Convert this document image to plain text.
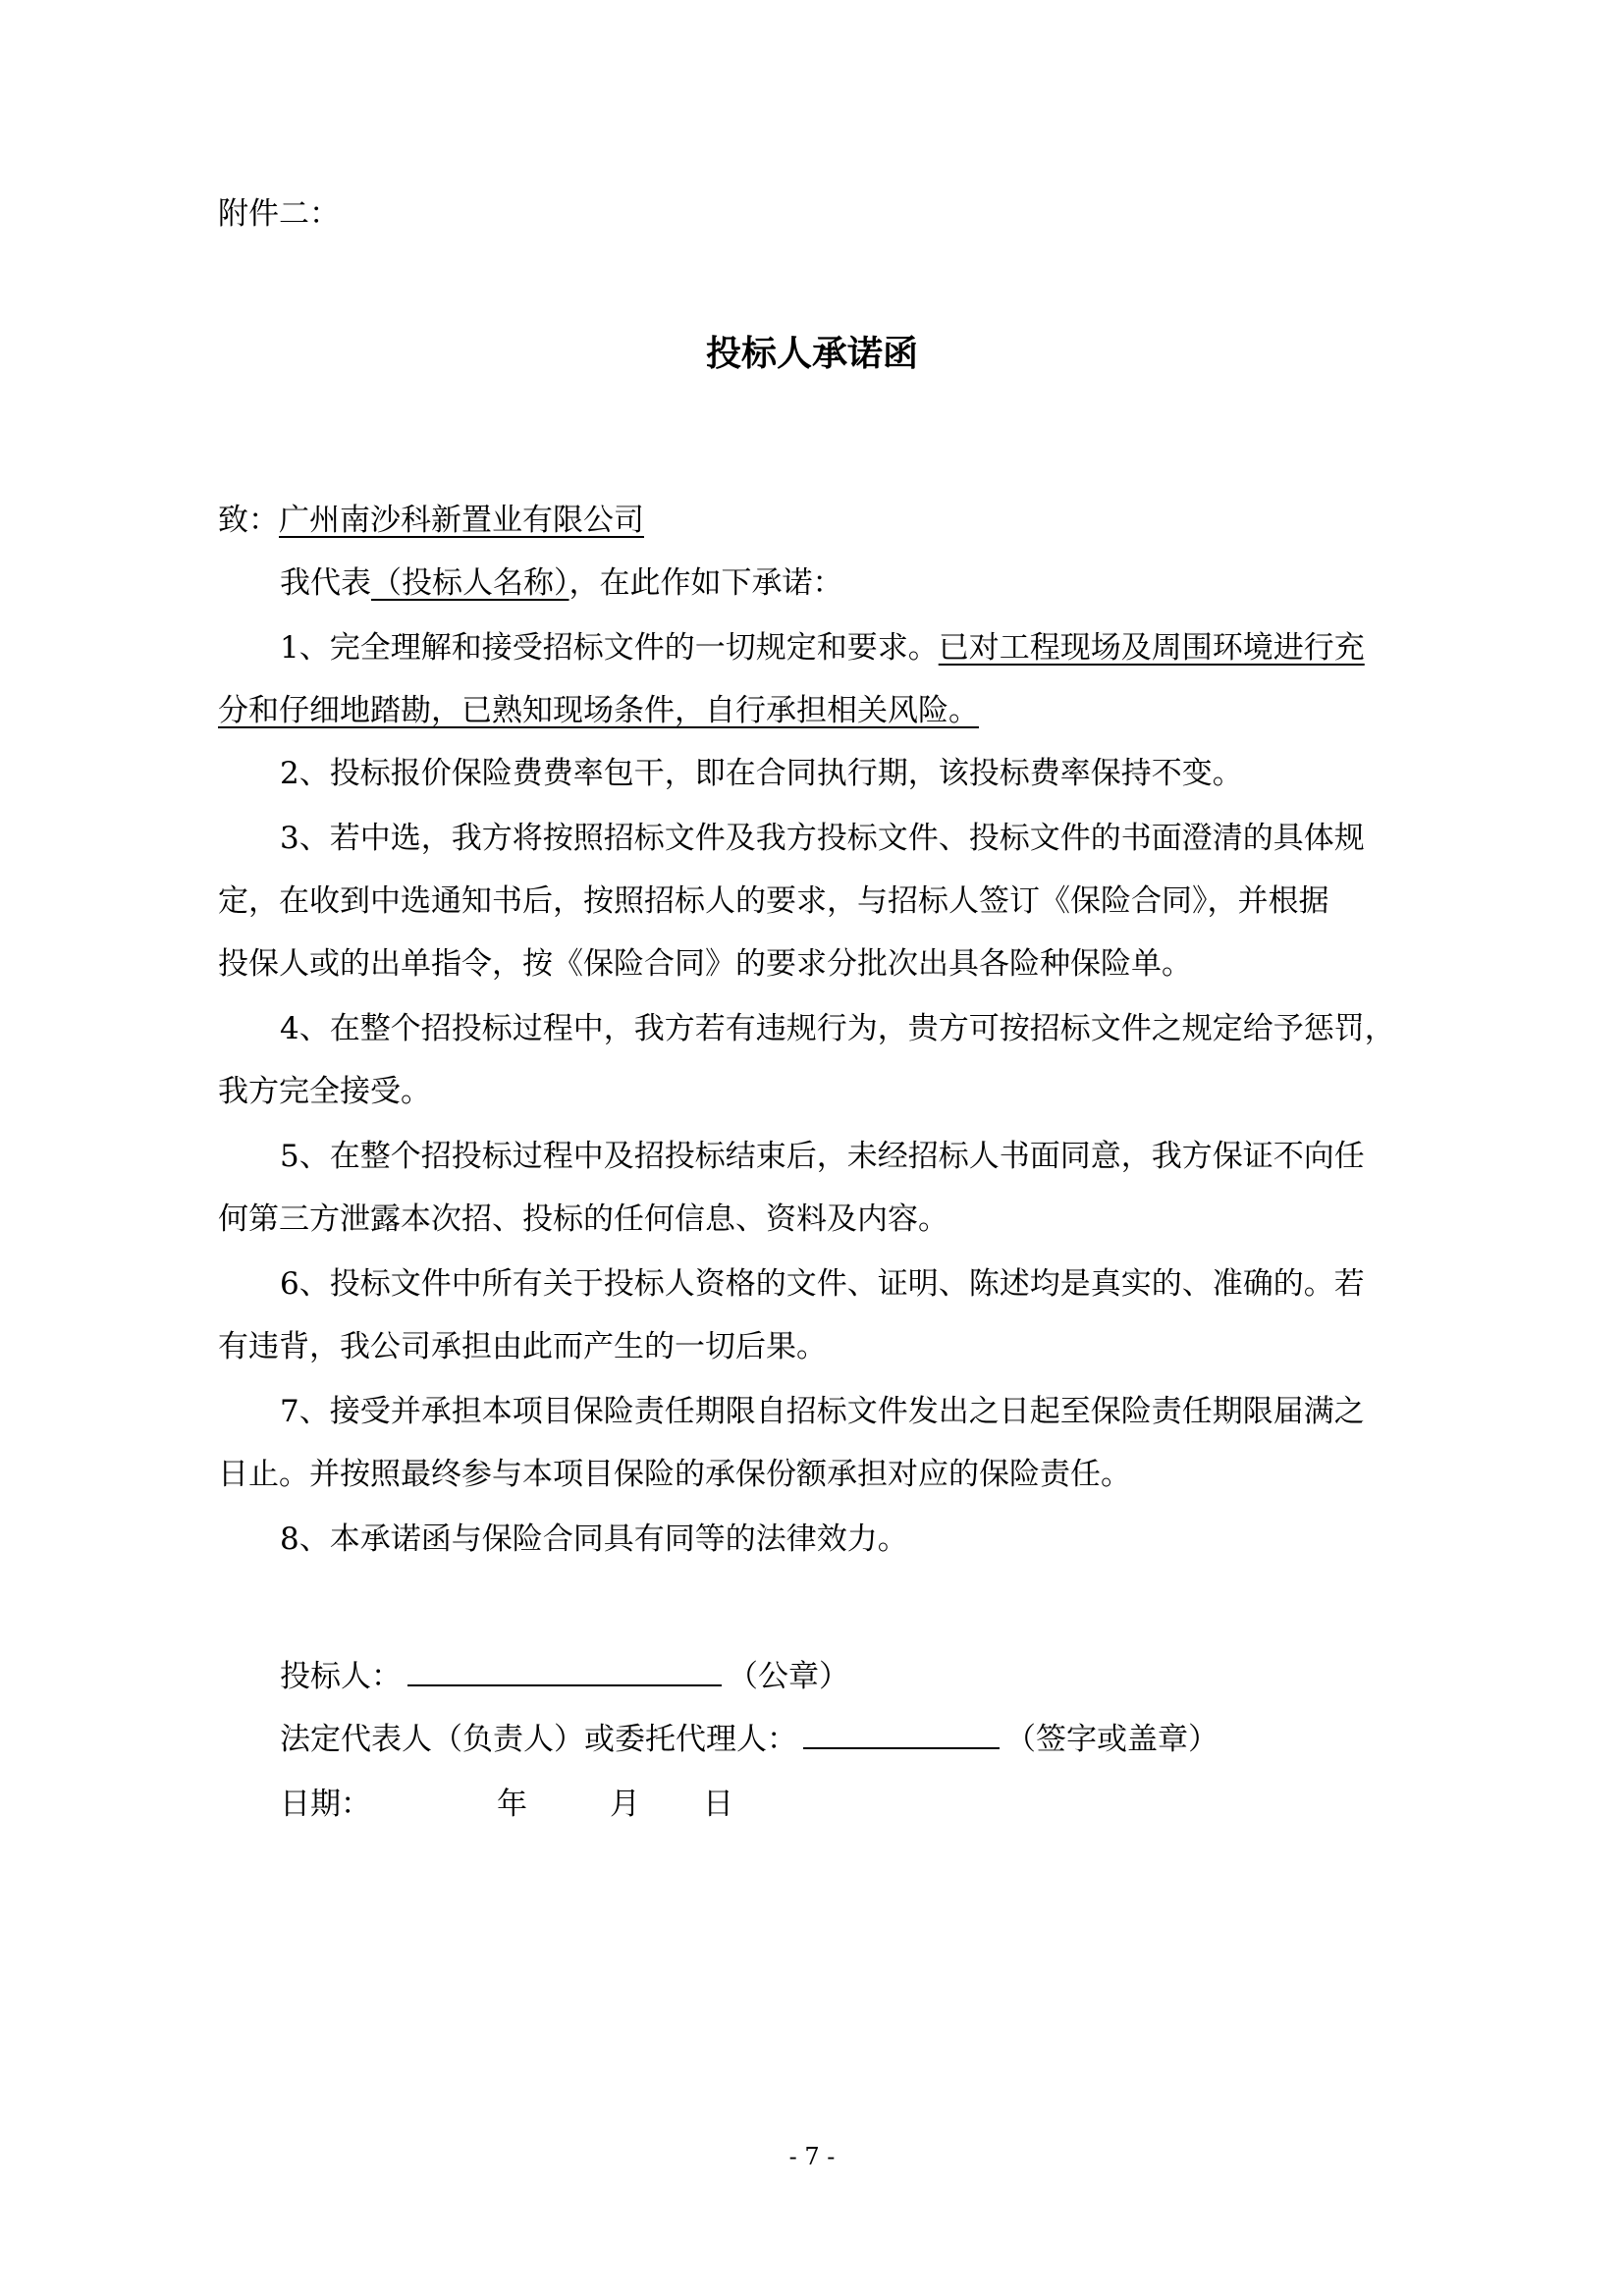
附件二：
投标人承诺函
致：广州南沙科新置业有限公司
我代表（投标人名称），在此作如下承诺：
1、完全理解和接受招标文件的一切规定和要求。已对工程现场及周围环境进行充
分和仔细地踏勘，已熟知现场条件，自行承担相关风险。
2、投标报价保险费费率包干，即在合同执行期，该投标费率保持不变。
3、若中选，我方将按照招标文件及我方投标文件、投标文件的书面澄清的具体规
定，在收到中选通知书后，按照招标人的要求，与招标人签订《保险合同》，并根据
投保人或的出单指令，按《保险合同》的要求分批次出具各险种保险单。
4、在整个招投标过程中，我方若有违规行为，贵方可按招标文件之规定给予惩罚，
我方完全接受。
5、在整个招投标过程中及招投标结束后，未经招标人书面同意，我方保证不向任
何第三方泄露本次招、投标的任何信息、资料及内容。
6、投标文件中所有关于投标人资格的文件、证明、陈述均是真实的、准确的。若
有违背，我公司承担由此而产生的一切后果。
7、接受并承担本项目保险责任期限自招标文件发出之日起至保险责任期限届满之
日止。并按照最终参与本项目保险的承保份额承担对应的保险责任。
8、本承诺函与保险合同具有同等的法律效力。
投标人：	（公章）
法定代表人（负责人）或委托代理人：	（签字或盖章）
日期：	年	月 日
- 7 -
